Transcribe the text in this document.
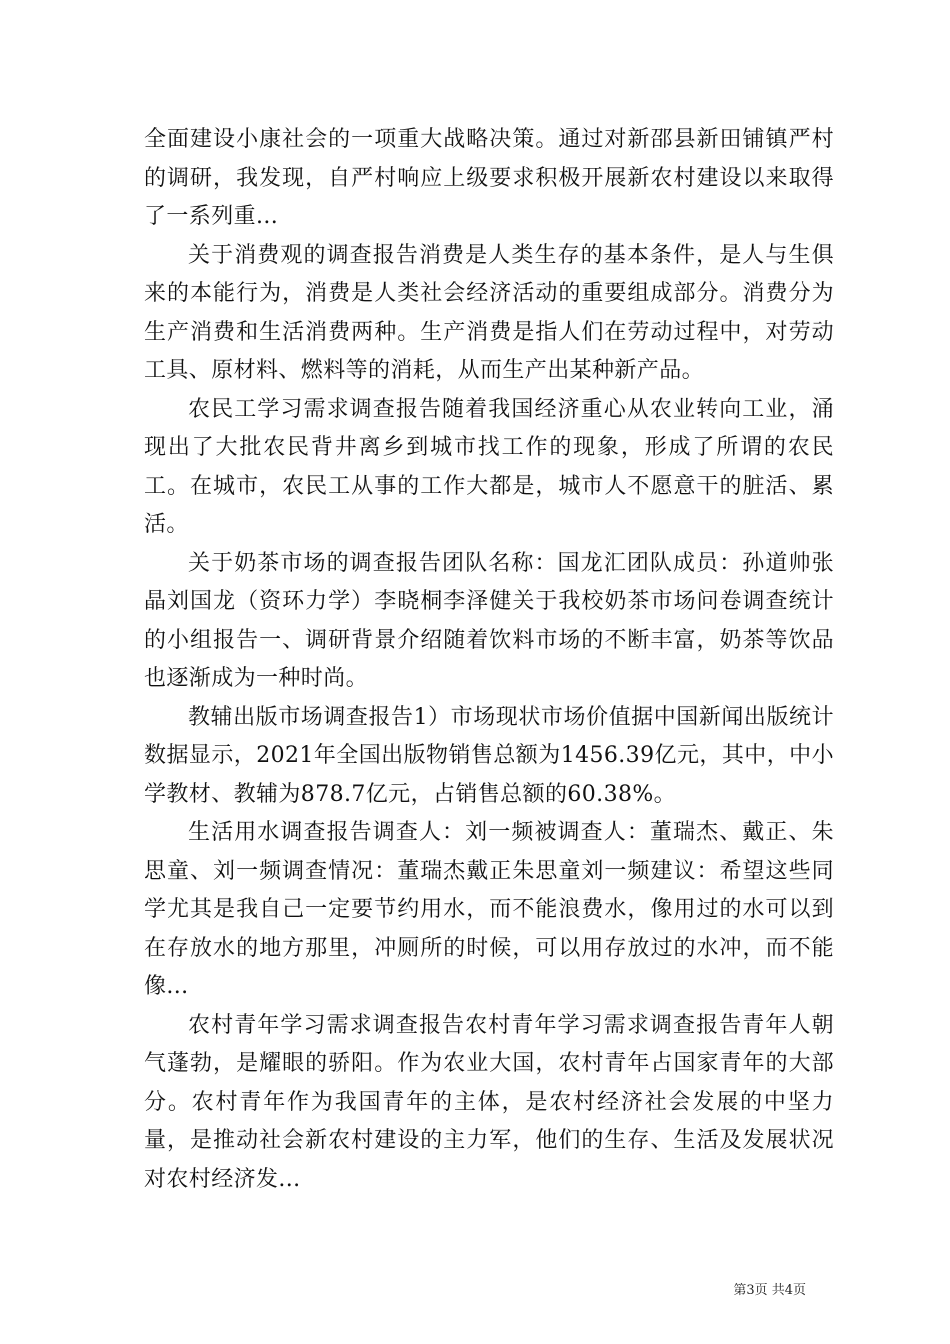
全面建设小康社会的一项重大战略决策。通过对新邵县新田铺镇严村的调研，我发现，自严村响应上级要求积极开展新农村建设以来取得了一系列重...

关于消费观的调查报告消费是人类生存的基本条件，是人与生俱来的本能行为，消费是人类社会经济活动的重要组成部分。消费分为生产消费和生活消费两种。生产消费是指人们在劳动过程中，对劳动工具、原材料、燃料等的消耗，从而生产出某种新产品。

农民工学习需求调查报告随着我国经济重心从农业转向工业，涌现出了大批农民背井离乡到城市找工作的现象，形成了所谓的农民工。在城市，农民工从事的工作大都是，城市人不愿意干的脏活、累活。

关于奶茶市场的调查报告团队名称：国龙汇团队成员：孙道帅张晶刘国龙（资环力学）李晓桐李泽健关于我校奶茶市场问卷调查统计的小组报告一、调研背景介绍随着饮料市场的不断丰富，奶茶等饮品也逐渐成为一种时尚。

教辅出版市场调查报告1）市场现状市场价值据中国新闻出版统计数据显示，2021年全国出版物销售总额为1456.39亿元，其中，中小学教材、教辅为878.7亿元，占销售总额的60.38%。

生活用水调查报告调查人：刘一频被调查人：董瑞杰、戴正、朱思童、刘一频调查情况：董瑞杰戴正朱思童刘一频建议：希望这些同学尤其是我自己一定要节约用水，而不能浪费水，像用过的水可以到在存放水的地方那里，冲厕所的时候，可以用存放过的水冲，而不能像...

农村青年学习需求调查报告农村青年学习需求调查报告青年人朝气蓬勃，是耀眼的骄阳。作为农业大国，农村青年占国家青年的大部分。农村青年作为我国青年的主体，是农村经济社会发展的中坚力量，是推动社会新农村建设的主力军，他们的生存、生活及发展状况对农村经济发...

第3页 共4页
